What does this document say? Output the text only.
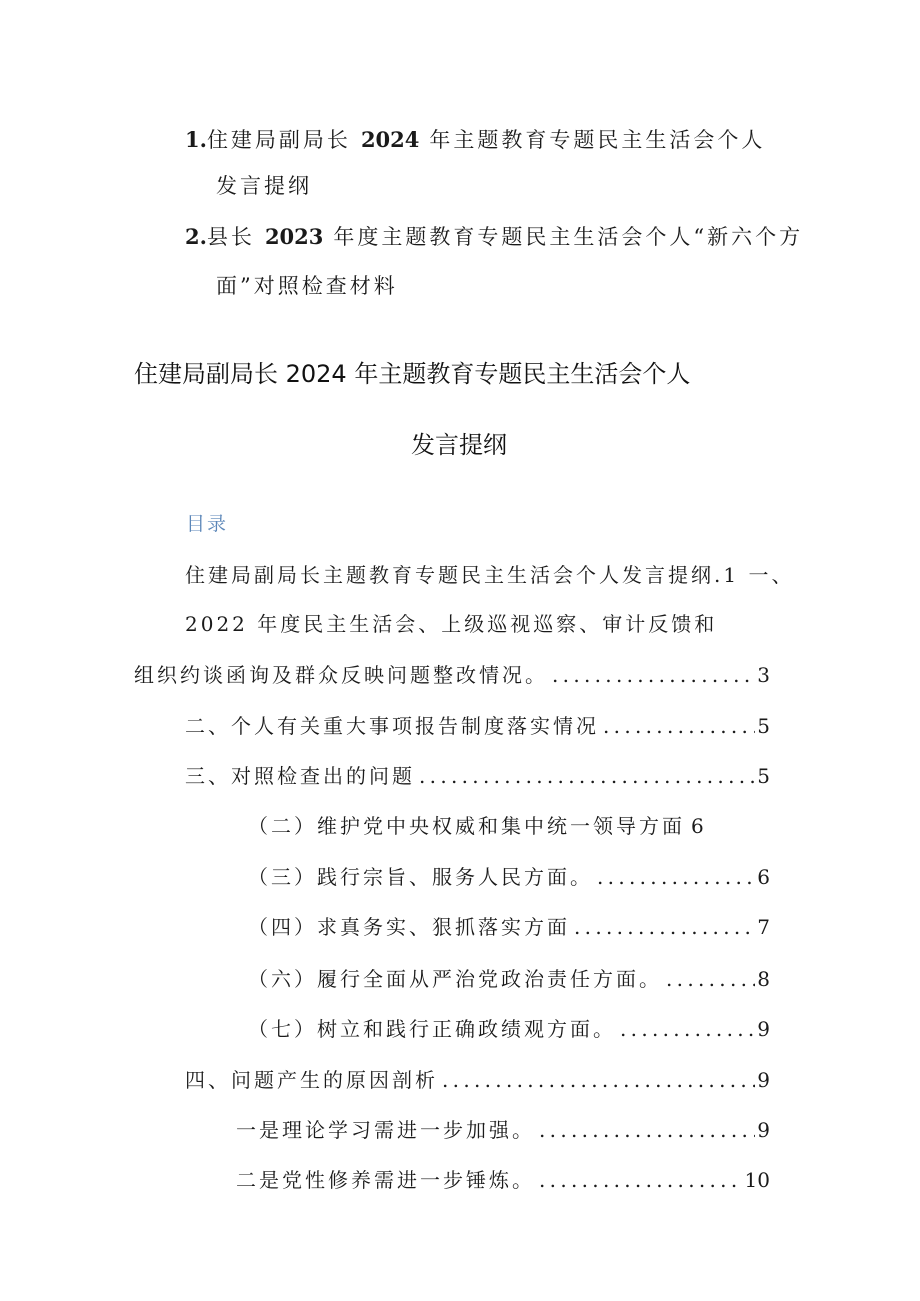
1.住建局副局长 2024 年主题教育专题民主生活会个人
发言提纲
2.县长 2023 年度主题教育专题民主生活会个人“新六个方
面”对照检查材料
住建局副局长 2024 年主题教育专题民主生活会个人
发言提纲
目录
住建局副局长主题教育专题民主生活会个人发言提纲.1 一、
2022 年度民主生活会、上级巡视巡察、审计反馈和
组织约谈函询及群众反映问题整改情况。 .....	3
二、个人有关重大事项报告制度落实情况 .....	5
三、对照检查出的问题 .....	5
（二）维护党中央权威和集中统一领导方面 6
（三）践行宗旨、服务人民方面。 .....	6
（四）求真务实、狠抓落实方面 .....	7
（六）履行全面从严治党政治责任方面。 .....	8
（七）树立和践行正确政绩观方面。 .....	9
四、问题产生的原因剖析 .....	9
一是理论学习需进一步加强。 .....	9
二是党性修养需进一步锤炼。 .....	10
